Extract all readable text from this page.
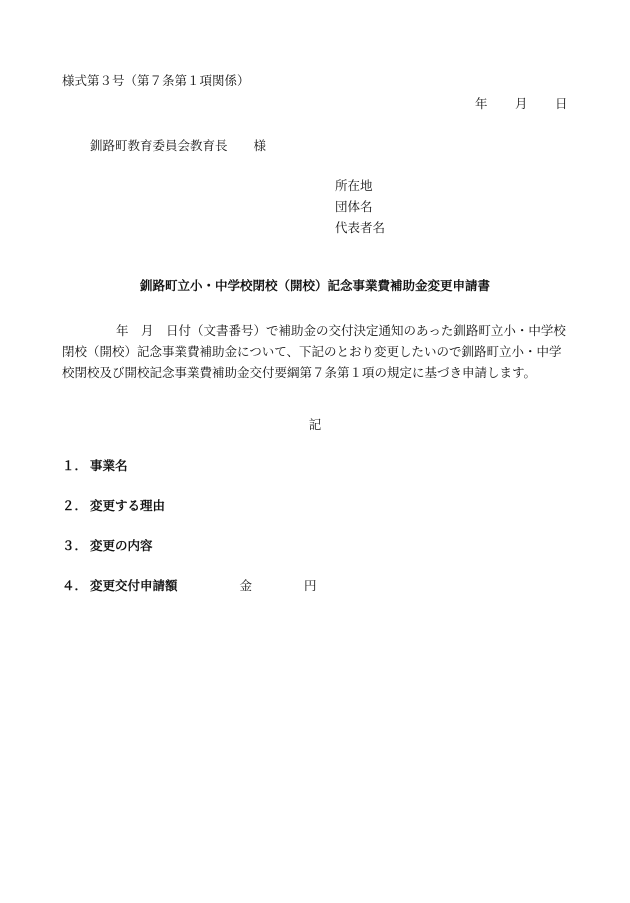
様式第３号（第７条第１項関係）
年 月 日
釧路町教育委員会教育長 様
所在地
団体名
代表者名
釧路町立小・中学校閉校（開校）記念事業費補助金変更申請書
年　月　日付（文書番号）で補助金の交付決定通知のあった釧路町立小・中学校閉校（開校）記念事業費補助金について、下記のとおり変更したいので釧路町立小・中学校閉校及び開校記念事業費補助金交付要綱第７条第１項の規定に基づき申請します。
記
１． 事業名
２． 変更する理由
３． 変更の内容
４． 変更交付申請額	金	円
